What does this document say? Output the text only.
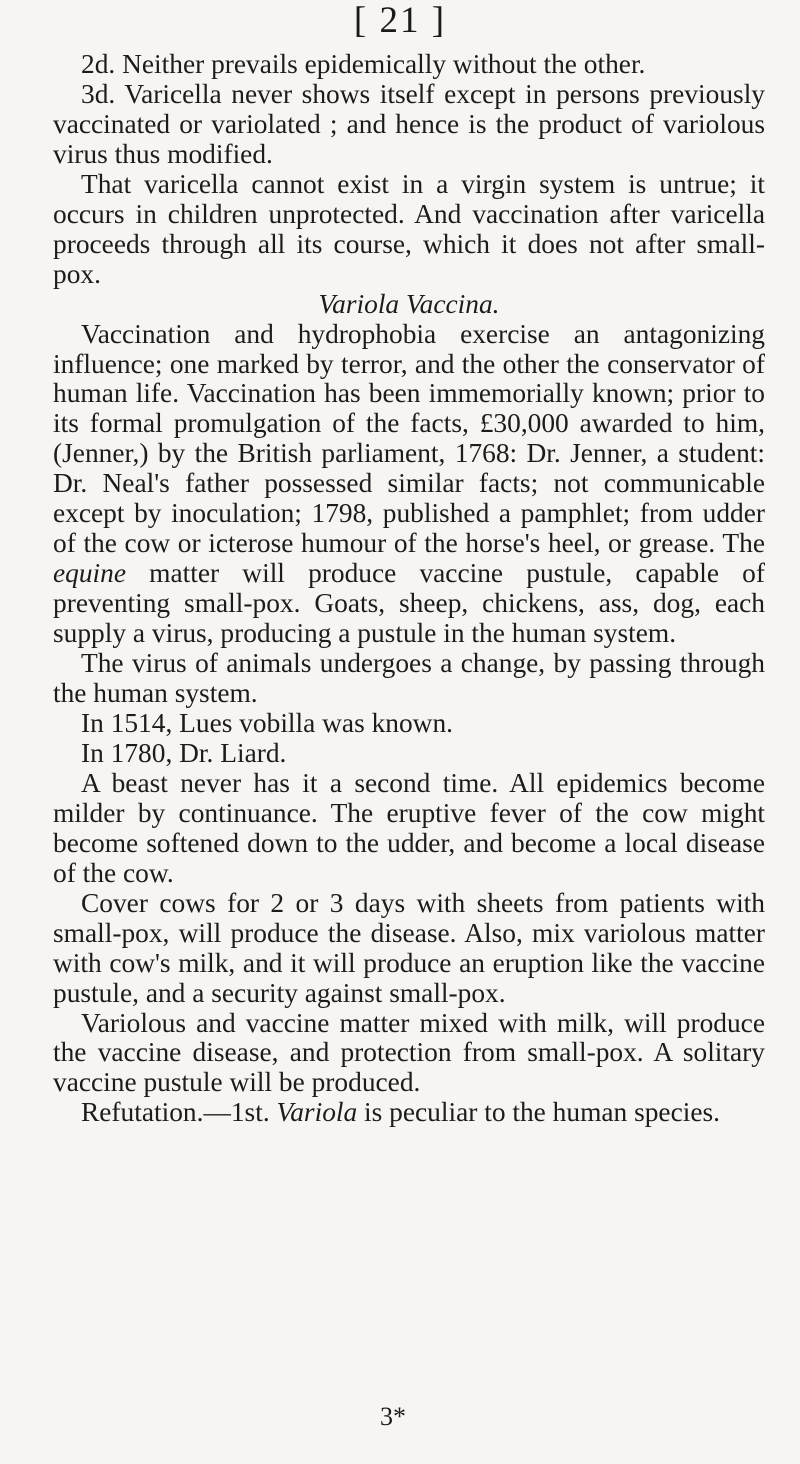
[ 21 ]

2d. Neither prevails epidemically without the other.

3d. Varicella never shows itself except in persons previously vaccinated or variolated ; and hence is the product of variolous virus thus modified.

That varicella cannot exist in a virgin system is untrue; it occurs in children unprotected. And vaccination after varicella proceeds through all its course, which it does not after small-pox.

Variola Vaccina.

Vaccination and hydrophobia exercise an antagonizing influence; one marked by terror, and the other the conservator of human life. Vaccination has been immemorially known; prior to its formal promulgation of the facts, £30,000 awarded to him, (Jenner,) by the British parliament, 1768: Dr. Jenner, a student: Dr. Neal's father possessed similar facts; not communicable except by inoculation; 1798, published a pamphlet; from udder of the cow or icterose humour of the horse's heel, or grease. The equine matter will produce vaccine pustule, capable of preventing small-pox. Goats, sheep, chickens, ass, dog, each supply a virus, producing a pustule in the human system.

The virus of animals undergoes a change, by passing through the human system.

In 1514, Lues vobilla was known.

In 1780, Dr. Liard.

A beast never has it a second time. All epidemics become milder by continuance. The eruptive fever of the cow might become softened down to the udder, and become a local disease of the cow.

Cover cows for 2 or 3 days with sheets from patients with small-pox, will produce the disease. Also, mix variolous matter with cow's milk, and it will produce an eruption like the vaccine pustule, and a security against small-pox.

Variolous and vaccine matter mixed with milk, will produce the vaccine disease, and protection from small-pox. A solitary vaccine pustule will be produced.

Refutation.—1st. Variola is peculiar to the human species.

3*
